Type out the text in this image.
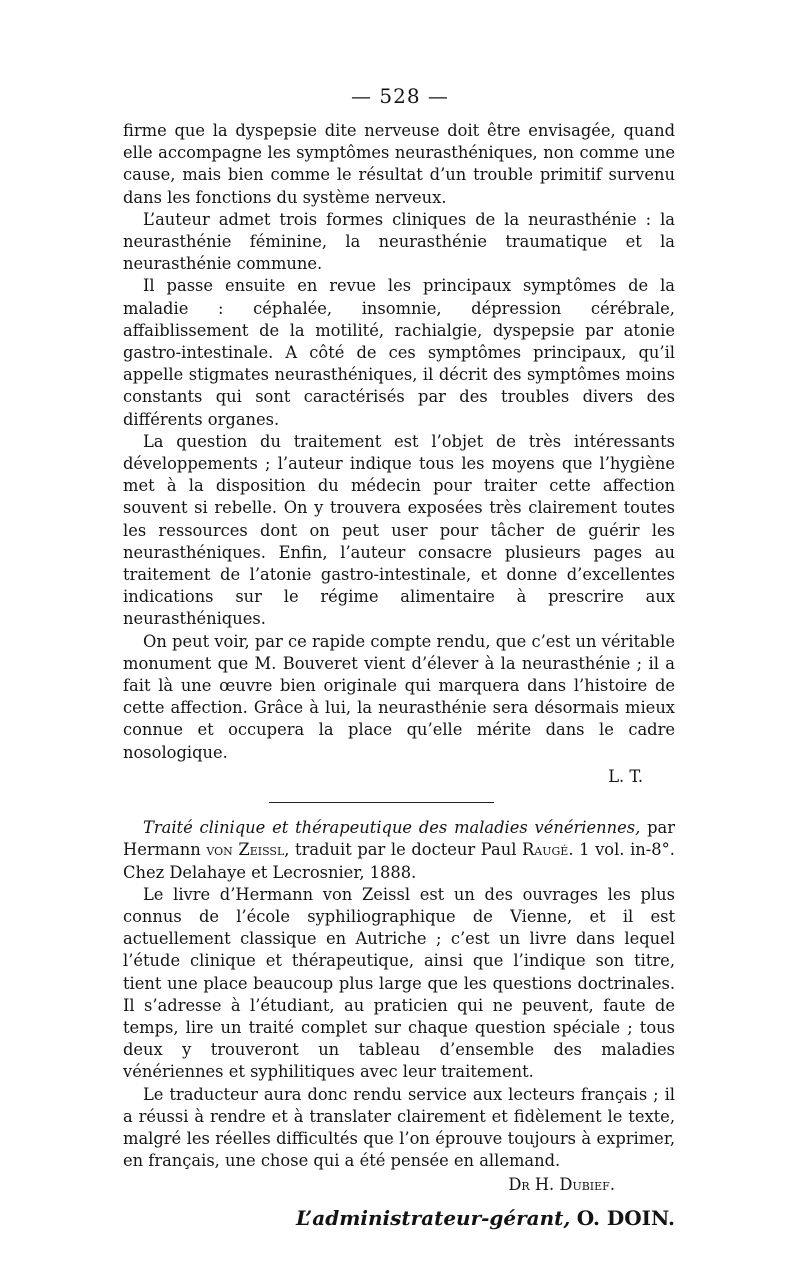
— 528 —

firme que la dyspepsie dite nerveuse doit être envisagée, quand elle accompagne les symptômes neurasthéniques, non comme une cause, mais bien comme le résultat d’un trouble primitif survenu dans les fonctions du système nerveux.

L’auteur admet trois formes cliniques de la neurasthénie : la neurasthénie féminine, la neurasthénie traumatique et la neurasthénie commune.

Il passe ensuite en revue les principaux symptômes de la maladie : céphalée, insomnie, dépression cérébrale, affaiblissement de la motilité, rachialgie, dyspepsie par atonie gastro-intestinale. A côté de ces symptômes principaux, qu’il appelle stigmates neurasthéniques, il décrit des symptômes moins constants qui sont caractérisés par des troubles divers des différents organes.

La question du traitement est l’objet de très intéressants développements ; l’auteur indique tous les moyens que l’hygiène met à la disposition du médecin pour traiter cette affection souvent si rebelle. On y trouvera exposées très clairement toutes les ressources dont on peut user pour tâcher de guérir les neurasthéniques. Enfin, l’auteur consacre plusieurs pages au traitement de l’atonie gastro-intestinale, et donne d’excellentes indications sur le régime alimentaire à prescrire aux neurasthéniques.

On peut voir, par ce rapide compte rendu, que c’est un véritable monument que M. Bouveret vient d’élever à la neurasthénie ; il a fait là une œuvre bien originale qui marquera dans l’histoire de cette affection. Grâce à lui, la neurasthénie sera désormais mieux connue et occupera la place qu’elle mérite dans le cadre nosologique.

L. T.

Traité clinique et thérapeutique des maladies vénériennes, par Hermann von Zeissl, traduit par le docteur Paul Raugé. 1 vol. in-8°. Chez Delahaye et Lecrosnier, 1888.

Le livre d’Hermann von Zeissl est un des ouvrages les plus connus de l’école syphiliographique de Vienne, et il est actuellement classique en Autriche ; c’est un livre dans lequel l’étude clinique et thérapeutique, ainsi que l’indique son titre, tient une place beaucoup plus large que les questions doctrinales. Il s’adresse à l’étudiant, au praticien qui ne peuvent, faute de temps, lire un traité complet sur chaque question spéciale ; tous deux y trouveront un tableau d’ensemble des maladies vénériennes et syphilitiques avec leur traitement.

Le traducteur aura donc rendu service aux lecteurs français ; il a réussi à rendre et à translater clairement et fidèlement le texte, malgré les réelles difficultés que l’on éprouve toujours à exprimer, en français, une chose qui a été pensée en allemand.

Dr H. Dubief.

L’administrateur-gérant, O. DOIN.
